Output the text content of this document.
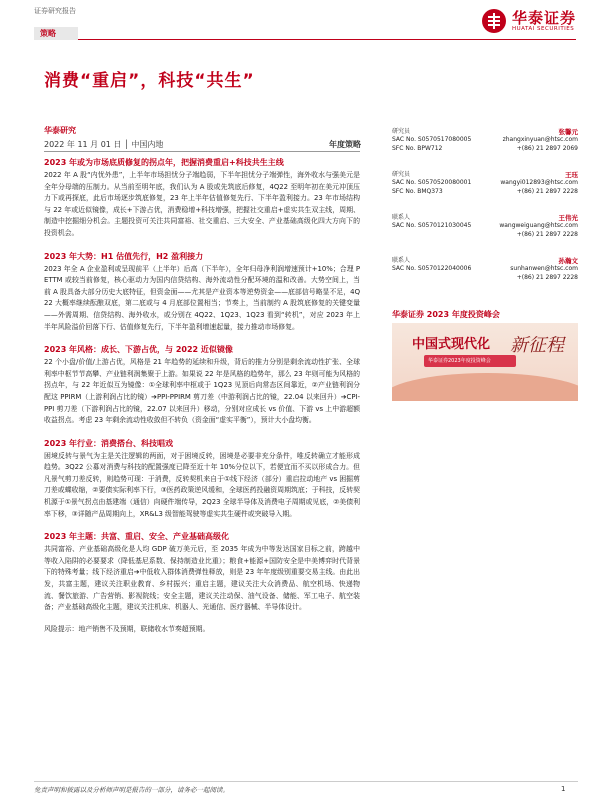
证券研究报告	华泰证券
HUATAI SECURITIES
策略
消费“重启”，科技“共生”
华泰研究
2022 年 11 月 01 日 │ 中国内地	年度策略
2023 年或为市场底质修复的拐点年，把握消费重启+科技共生主线
2022 年 A 股“内忧外患”，上半年市场担忧分子端趋弱，下半年担忧分子端弹性，海外收水与强美元是全年分母端的压制力。从当前至明年底，我们认为 A 股或先筑底后修复，4Q22 至明年初在美元冲顶压力下或再探底，此后市场逐步筑底修复，23 年上半年估值修复先行、下半年盈利接力。23 年市场结构与 22 年或近似镜像，成长+下游占优，消费稳增+科技增强，把握社交重启+虚实共生双主线，周期、制造中挖掘细分机会。主题投资可关注共同富裕、社交重启、三大安全、产业基础高级化四大方向下的投资机会。
2023 年大势：H1 估值先行，H2 盈利接力
2023 年全 A 企业盈利或呈现前平（上半年）后高（下半年），全年归母净利润增速预计+10%；合理 PETTM 或较当前修复，核心驱动力为国内信贷结构、海外流动性分配环境的温和改善。大势空间上，当前 A 股具备大部分历史大底特征，但资金面——尤其是产业资本等逆势资金——底部信号略显不足，4Q22 大概率继续酝酿双底，第二底或与 4 月底部位置相当；节奏上，当前制约 A 股筑底修复的关键变量——外需周期、信贷结构、海外收水，或分别在 4Q22、1Q23、1Q23 看到“转机”，对应 2023 年上半年风险溢价回落下行、估值修复先行，下半年盈利增速起量，接力推动市场修复。
2023 年风格：成长、下游占优，与 2022 近似镜像
22 个小盘/价值/上游占优，风格是 21 年趋势的延续和升级，背后的推力分别是剩余流动性扩张、全球利率中枢节节高攀、产业链利润集聚于上游。如果说 22 年是风格的趋势年，那么 23 年则可能为风格的拐点年，与 22 年近似互为镜像：①全球利率中枢或于 1Q23 见顶后向常态区间靠近，②产业链利润分配这 PPIRM（上游利润占比的镜）➔PPI-PPIRM 剪刀差（中游利润占比的镜，22.04 以来回升）➔CPI-PPI 剪刀差（下游利润占比的镜，22.07 以来回升）移动，分别对应成长 vs 价值、下游 vs 上中游超额收益拐点。考虑 23 年剩余流动性收敛但不转负（资金面“虚实平衡”），预计大小盘均衡。
2023 年行业：消费搭台、科技唱戏
困境反转与景气为主是关注逻辑的两面，对于困境反转，困境是必要非充分条件，唯反转确立才能形成趋势。3Q22 公募对消费与科技的配置强度已降至近十年 10%分位以下，若便宜而不买以形成合力。但凡景气剪刀差反转，则趋势可现：于消费，反转契机来自于①线下经济（部分）重启拉动地产 vs 困掘剪刀差或蝶收缩，②要债实际利率下行，③医药政策逆风缓和，全球医药投融资周期筑底；于科技，反转契机源于①景气拐点由基建端（通信）向硬件端传导，2Q23 全球半导体及消费电子周期或见底，②美债利率下移，③详随产品周期向上，XR&L3 级智能驾驶等虚实共生硬件或突破导入期。
2023 年主题：共富、重启、安全、产业基础高级化
共同富裕、产业基础高级化是人均 GDP 破万美元后，至 2035 年成为中等发达国家目标之前，跨越中等收入陷阱的必要要求（降低基尼系数、保持制造业比重）；粮食+能源+国防安全是中美博弈时代背景下的特殊考量；线下经济重启➔中低收入群体消费弹性释放，则是 23 年年度级别重要交易主线。由此出发，共富主题，建议关注职业教育、乡村振兴；重启主题，建议关注大众消费品、航空机场、快递物流、餐饮旅游、广告营销、影视院线；安全主题，建议关注动保、油气设备、储能、军工电子、航空装备；产业基础高级化主题，建议关注机床、机器人、光通信、医疗器械、半导体设计。
风险提示：地产销售不及预期，联储收水节奏超预期。
研究员	张馨元
SAC No. S0570517080005	zhangxinyuan@htsc.com
SFC No. BPW712	+(86) 21 2897 2069
研究员	王珏
SAC No. S0570520080001	wangyi012893@htsc.com
SFC No. BMQ373	+(86) 21 2897 2228
联系人	王伟光
SAC No. S0570121030045	wangweiguang@htsc.com
+(86) 21 2897 2228
联系人	孙瀚文
SAC No. S0570122040006	sunhanwen@htsc.com
+(86) 21 2897 2228
华泰证券 2023 年度投资峰会
中国式现代化
华泰证券2023年度投资峰会
新征程
免责声明和披露以及分析师声明是报告的一部分，请务必一起阅读。	1
